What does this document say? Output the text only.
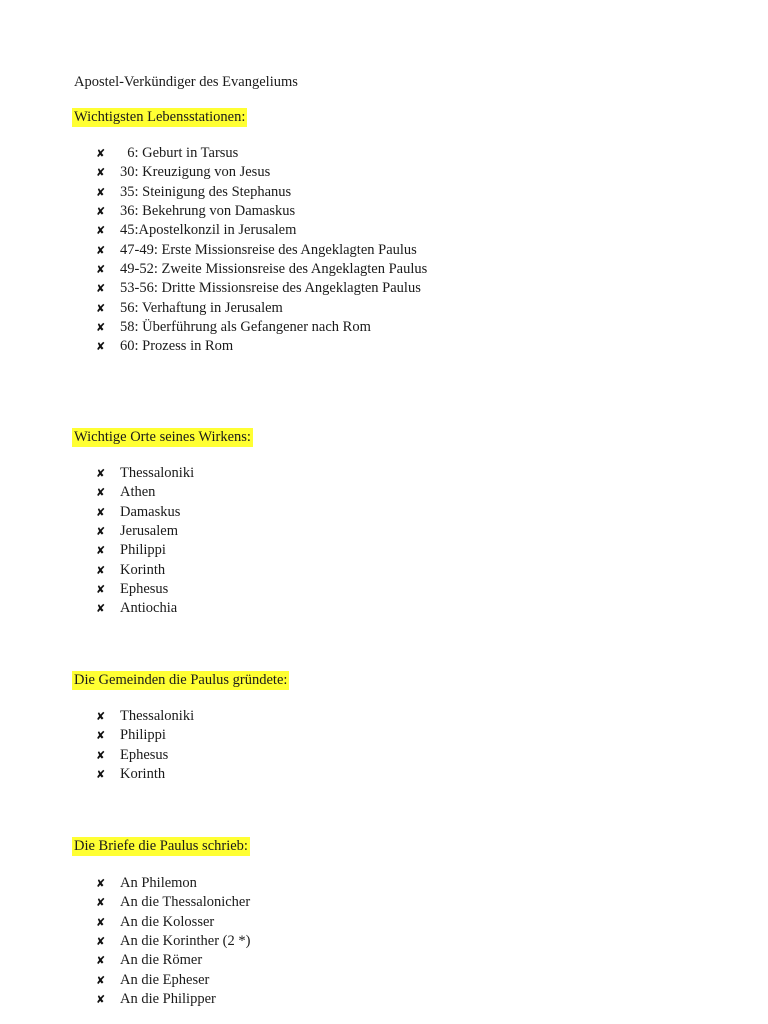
Apostel-Verkündiger des Evangeliums
Wichtigsten Lebensstationen:
✘ 6: Geburt in Tarsus
✘ 30: Kreuzigung von Jesus
✘ 35: Steinigung des Stephanus
✘ 36: Bekehrung von Damaskus
✘ 45:Apostelkonzil in Jerusalem
✘ 47-49: Erste Missionsreise des Angeklagten Paulus
✘ 49-52: Zweite Missionsreise des Angeklagten Paulus
✘ 53-56: Dritte Missionsreise des Angeklagten Paulus
✘ 56: Verhaftung in Jerusalem
✘ 58: Überführung als Gefangener nach Rom
✘ 60: Prozess in Rom
Wichtige Orte seines Wirkens:
✘ Thessaloniki
✘ Athen
✘ Damaskus
✘ Jerusalem
✘ Philippi
✘ Korinth
✘ Ephesus
✘ Antiochia
Die Gemeinden die Paulus gründete:
✘ Thessaloniki
✘ Philippi
✘ Ephesus
✘ Korinth
Die Briefe die Paulus schrieb:
✘ An Philemon
✘ An die Thessalonicher
✘ An die Kolosser
✘ An die Korinther (2 *)
✘ An die Römer
✘ An die Epheser
✘ An die Philipper
